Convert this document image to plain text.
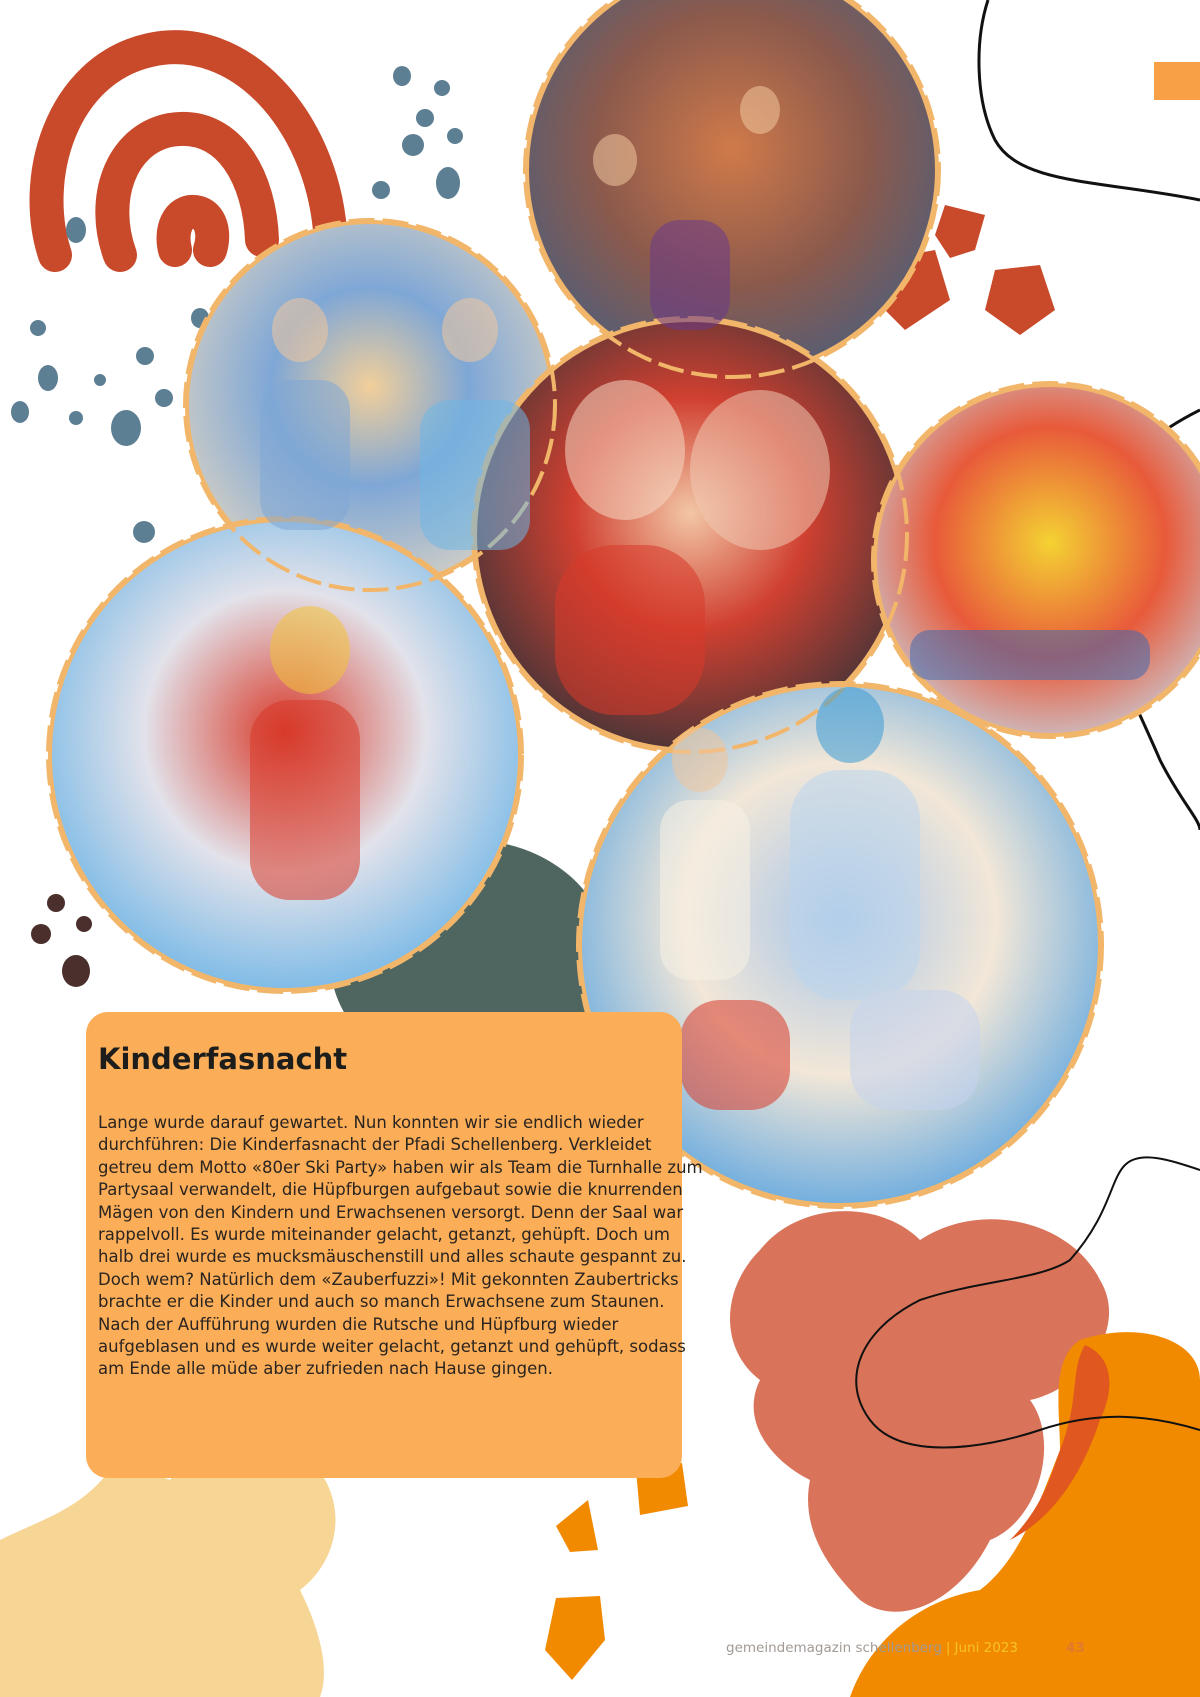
Kinderfasnacht

Lange wurde darauf gewartet. Nun konnten wir sie endlich wieder durchführen: Die Kinderfasnacht der Pfadi Schellenberg. Verkleidet getreu dem Motto «80er Ski Party» haben wir als Team die Turnhalle zum Partysaal verwandelt, die Hüpfburgen aufgebaut sowie die knurrenden Mägen von den Kindern und Erwachsenen versorgt. Denn der Saal war rappelvoll. Es wurde miteinander gelacht, getanzt, gehüpft. Doch um halb drei wurde es mucksmäuschenstill und alles schaute gespannt zu. Doch wem? Natürlich dem «Zauberfuzzi»! Mit gekonnten Zaubertricks brachte er die Kinder und auch so manch Erwachsene zum Staunen. Nach der Aufführung wurden die Rutsche und Hüpfburg wieder aufgeblasen und es wurde weiter gelacht, getanzt und gehüpft, sodass am Ende alle müde aber zufrieden nach Hause gingen.

gemeindemagazin schellenberg | Juni 2023	43
